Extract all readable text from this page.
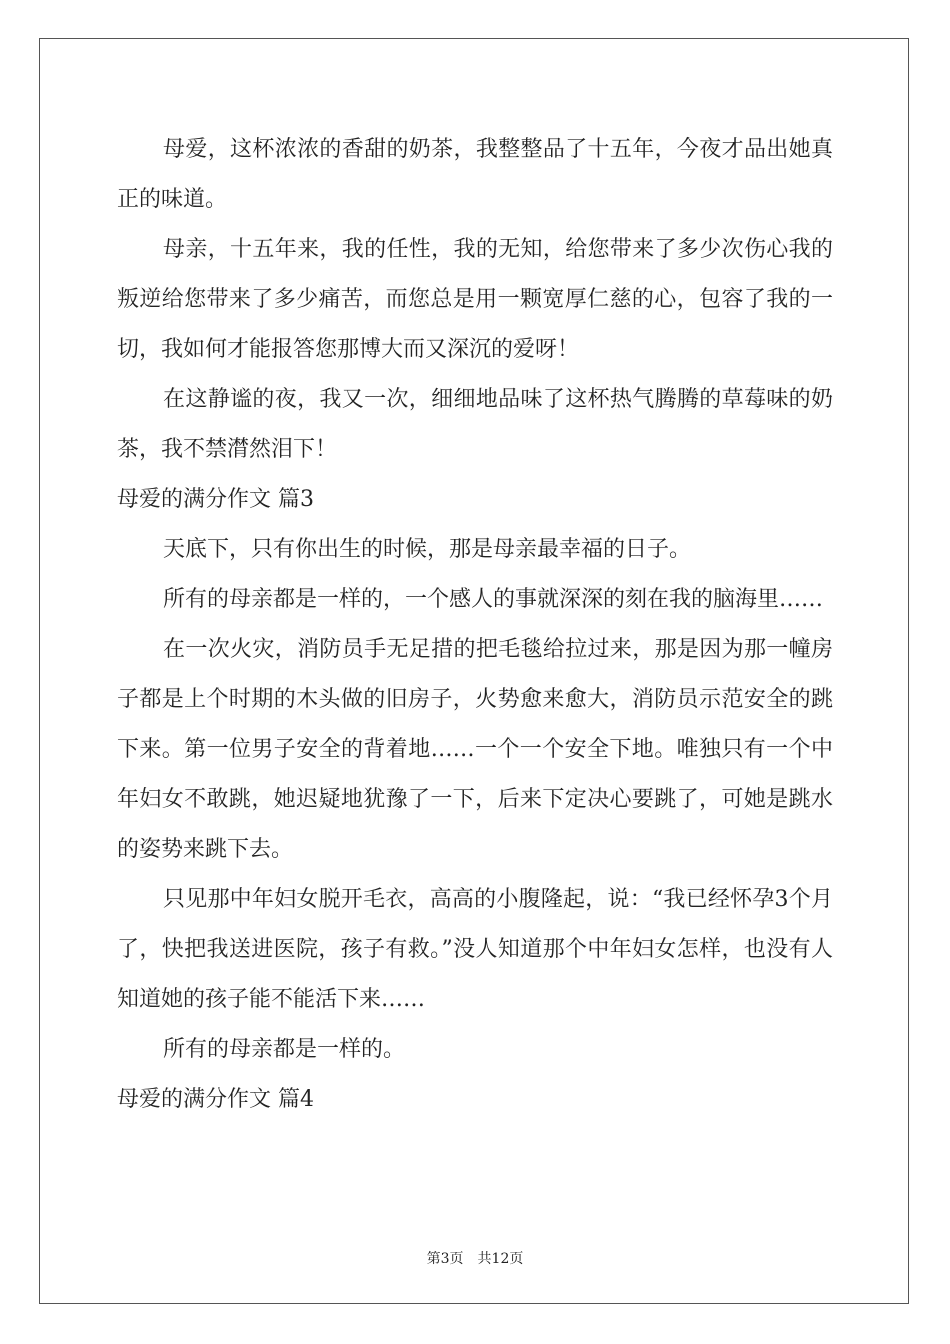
母爱，这杯浓浓的香甜的奶茶，我整整品了十五年，今夜才品出她真正的味道。

母亲，十五年来，我的任性，我的无知，给您带来了多少次伤心我的叛逆给您带来了多少痛苦，而您总是用一颗宽厚仁慈的心，包容了我的一切，我如何才能报答您那博大而又深沉的爱呀！

在这静谧的夜，我又一次，细细地品味了这杯热气腾腾的草莓味的奶茶，我不禁潸然泪下！

母爱的满分作文 篇3

天底下，只有你出生的时候，那是母亲最幸福的日子。

所有的母亲都是一样的，一个感人的事就深深的刻在我的脑海里……

在一次火灾，消防员手无足措的把毛毯给拉过来，那是因为那一幢房子都是上个时期的木头做的旧房子，火势愈来愈大，消防员示范安全的跳下来。第一位男子安全的背着地……一个一个安全下地。唯独只有一个中年妇女不敢跳，她迟疑地犹豫了一下，后来下定决心要跳了，可她是跳水的姿势来跳下去。

只见那中年妇女脱开毛衣，高高的小腹隆起，说：“我已经怀孕3个月了，快把我送进医院，孩子有救。”没人知道那个中年妇女怎样，也没有人知道她的孩子能不能活下来……

所有的母亲都是一样的。

母爱的满分作文 篇4

第3页 共12页
